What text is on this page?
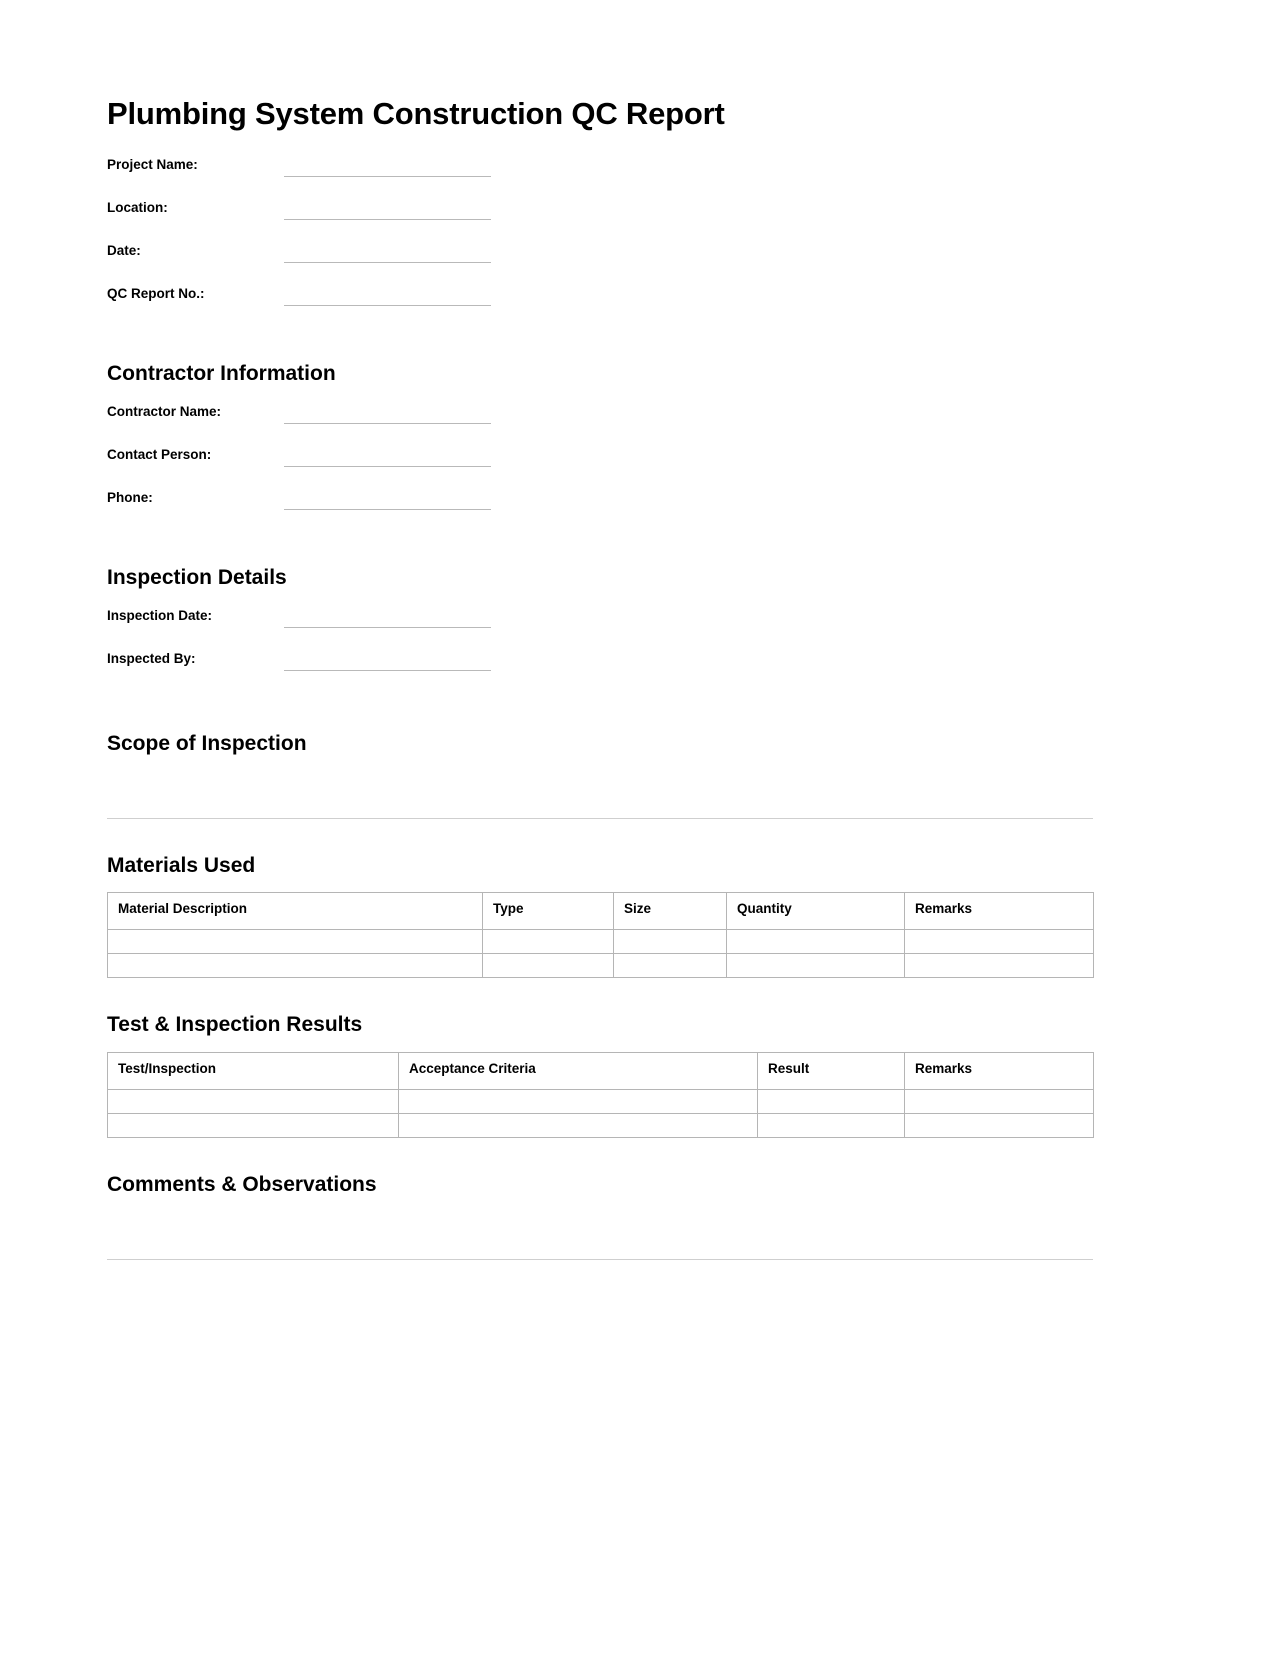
Plumbing System Construction QC Report
Project Name:
Location:
Date:
QC Report No.:
Contractor Information
Contractor Name:
Contact Person:
Phone:
Inspection Details
Inspection Date:
Inspected By:
Scope of Inspection
Materials Used
Material Description	Type	Size	Quantity	Remarks

Test & Inspection Results
Test/Inspection	Acceptance Criteria	Result	Remarks

Comments & Observations
